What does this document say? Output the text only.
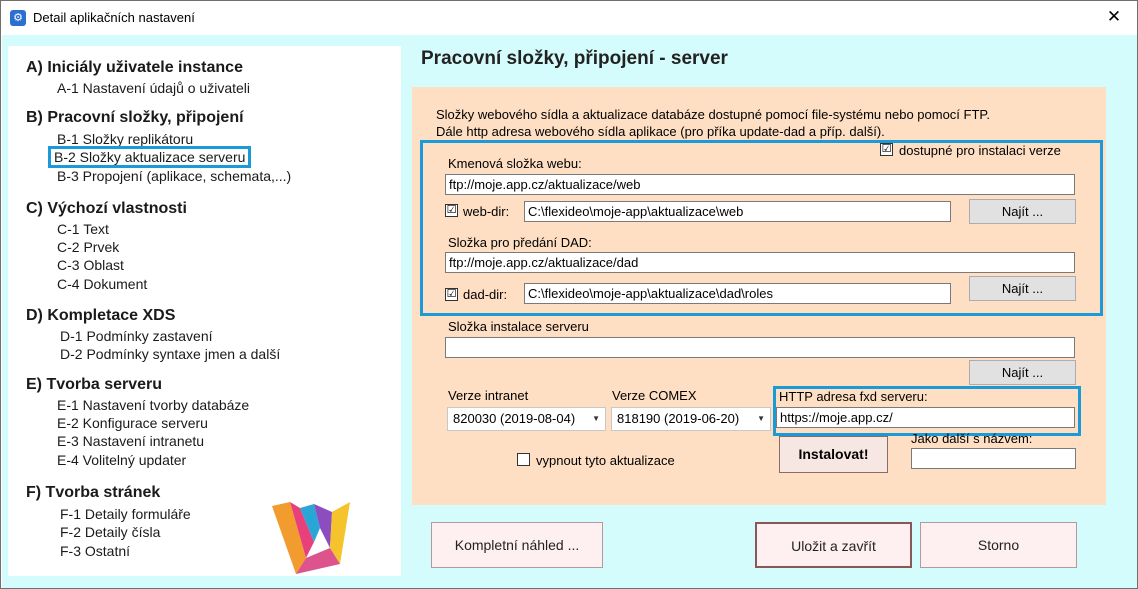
⚙ Detail aplikačních nastavení	✕
A) Iniciály uživatele instance
A-1 Nastavení údajů o uživateli
B) Pracovní složky, připojení
B-1 Složky replikátoru
B-2 Složky aktualizace serveru
B-3 Propojení (aplikace, schemata,...)
C) Výchozí vlastnosti
C-1 Text
C-2 Prvek
C-3 Oblast
C-4 Dokument
D) Kompletace XDS
D-1 Podmínky zastavení
D-2 Podmínky syntaxe jmen a další
E) Tvorba serveru
E-1 Nastavení tvorby databáze
E-2 Konfigurace serveru
E-3 Nastavení intranetu
E-4 Volitelný updater
F) Tvorba stránek
F-1 Detaily formuláře
F-2 Detaily čísla
F-3 Ostatní
Pracovní složky, připojení - server
Složky webového sídla a aktualizace databáze dostupné pomocí file-systému nebo pomocí FTP.
Dále http adresa webového sídla aplikace (pro příka update-dad a příp. další).
☑ dostupné pro instalaci verze
Kmenová složka webu:
ftp://moje.app.cz/aktualizace/web
☑ web-dir:	C:\flexideo\moje-app\aktualizace\web	Najít ...
Složka pro předání DAD:
ftp://moje.app.cz/aktualizace/dad
☑ dad-dir:	C:\flexideo\moje-app\aktualizace\dad\roles	Najít ...
Složka instalace serveru
Najít ...
Verze intranet
820030 (2019-08-04) ▼
Verze COMEX
818190 (2019-06-20) ▼
HTTP adresa fxd serveru:
https://moje.app.cz/
Jako další s názvem:
vypnout tyto aktualizace	Instalovat!
Kompletní náhled ...	Uložit a zavřít	Storno
